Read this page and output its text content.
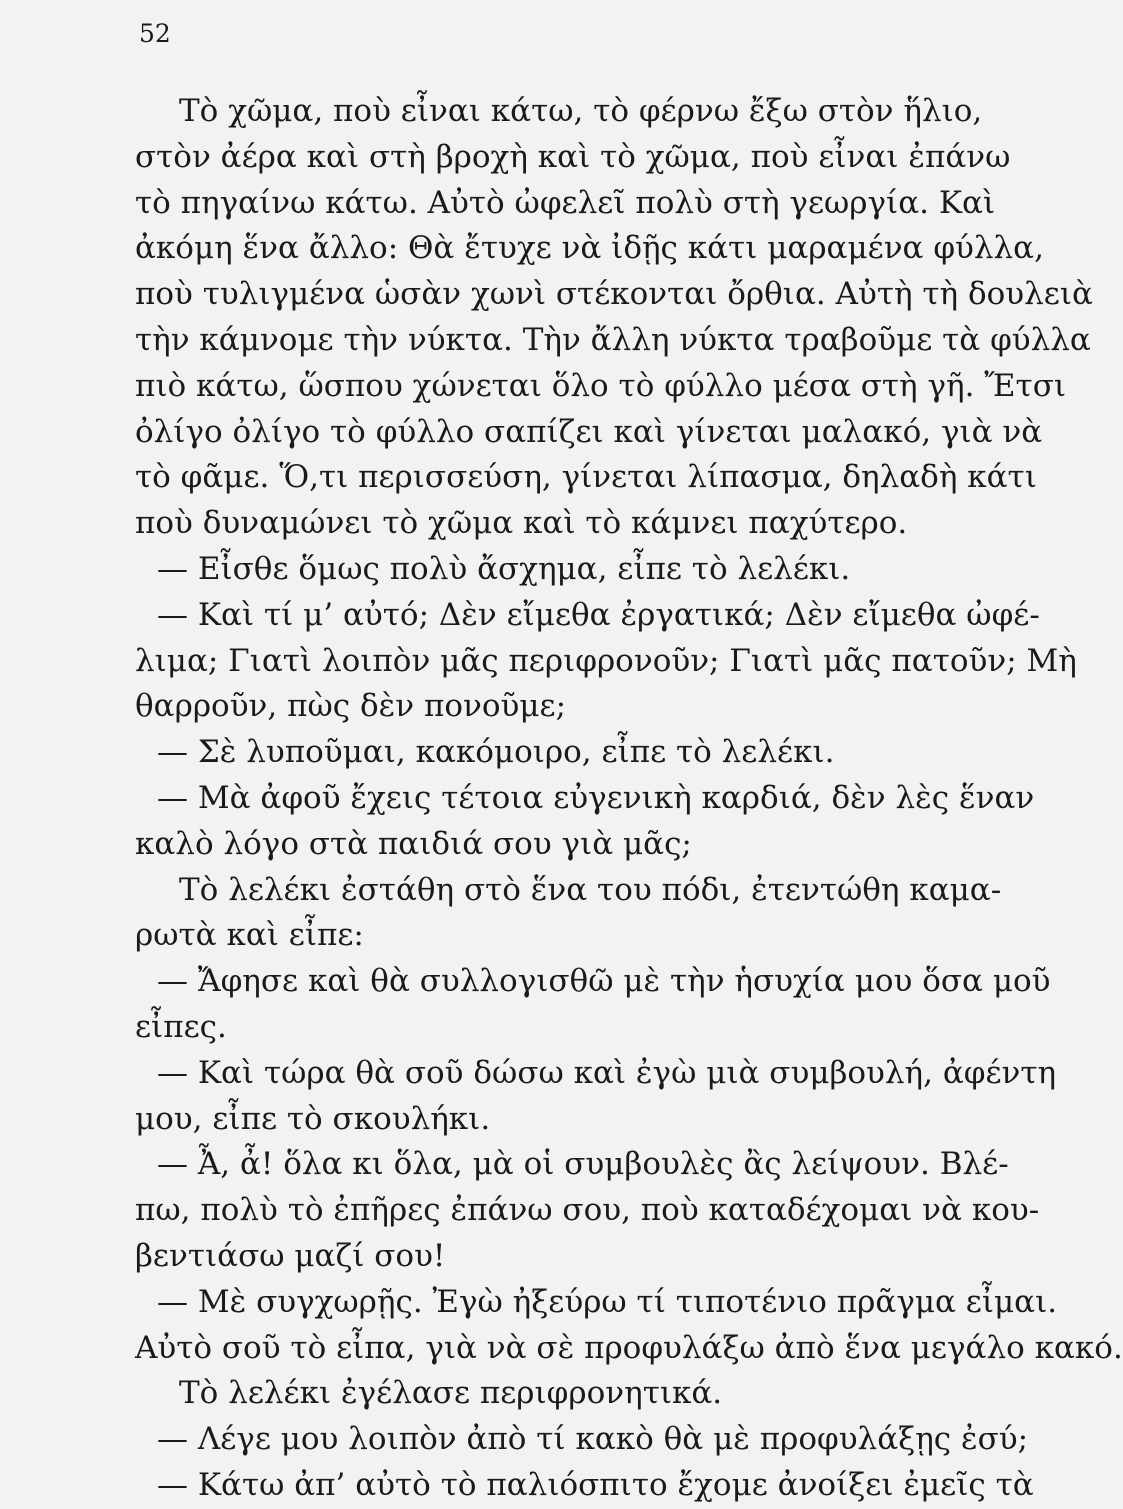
52
Τὸ χῶμα, ποὺ εἶναι κάτω, τὸ φέρνω ἔξω στὸν ἥλιο,
στὸν ἀέρα καὶ στὴ βροχὴ καὶ τὸ χῶμα, ποὺ εἶναι ἐπάνω
τὸ πηγαίνω κάτω. Αὐτὸ ὠφελεῖ πολὺ στὴ γεωργία. Καὶ
ἀκόμη ἕνα ἄλλο: Θὰ ἔτυχε νὰ ἰδῇς κάτι μαραμένα φύλλα,
ποὺ τυλιγμένα ὡσὰν χωνὶ στέκονται ὄρθια. Αὐτὴ τὴ δουλειὰ
τὴν κάμνομε τὴν νύκτα. Τὴν ἄλλη νύκτα τραβοῦμε τὰ φύλλα
πιὸ κάτω, ὥσπου χώνεται ὅλο τὸ φύλλο μέσα στὴ γῆ. Ἔτσι
ὀλίγο ὀλίγο τὸ φύλλο σαπίζει καὶ γίνεται μαλακό, γιὰ νὰ
τὸ φᾶμε. Ὅ,τι περισσεύση, γίνεται λίπασμα, δηλαδὴ κάτι
ποὺ δυναμώνει τὸ χῶμα καὶ τὸ κάμνει παχύτερο.
— Εἶσθε ὅμως πολὺ ἄσχημα, εἶπε τὸ λελέκι.
— Καὶ τί μ’ αὐτό; Δὲν εἴμεθα ἐργατικά; Δὲν εἴμεθα ὠφέ-
λιμα; Γιατὶ λοιπὸν μᾶς περιφρονοῦν; Γιατὶ μᾶς πατοῦν; Μὴ
θαρροῦν, πὼς δὲν πονοῦμε;
— Σὲ λυποῦμαι, κακόμοιρο, εἶπε τὸ λελέκι.
— Μὰ ἀφοῦ ἔχεις τέτοια εὐγενικὴ καρδιά, δὲν λὲς ἕναν
καλὸ λόγο στὰ παιδιά σου γιὰ μᾶς;
Τὸ λελέκι ἐστάθη στὸ ἕνα του πόδι, ἐτεντώθη καμα-
ρωτὰ καὶ εἶπε:
— Ἄφησε καὶ θὰ συλλογισθῶ μὲ τὴν ἡσυχία μου ὅσα μοῦ
εἶπες.
— Καὶ τώρα θὰ σοῦ δώσω καὶ ἐγὼ μιὰ συμβουλή, ἀφέντη
μου, εἶπε τὸ σκουλήκι.
— Ἆ, ἆ! ὅλα κι ὅλα, μὰ οἱ συμβουλὲς ἂς λείψουν. Βλέ-
πω, πολὺ τὸ ἐπῆρες ἐπάνω σου, ποὺ καταδέχομαι νὰ κου-
βεντιάσω μαζί σου!
— Μὲ συγχωρῇς. Ἐγὼ ἠξεύρω τί τιποτένιο πρᾶγμα εἶμαι.
Αὐτὸ σοῦ τὸ εἶπα, γιὰ νὰ σὲ προφυλάξω ἀπὸ ἕνα μεγάλο κακό.
Τὸ λελέκι ἐγέλασε περιφρονητικά.
— Λέγε μου λοιπὸν ἀπὸ τί κακὸ θὰ μὲ προφυλάξῃς ἐσύ;
— Κάτω ἀπ’ αὐτὸ τὸ παλιόσπιτο ἔχομε ἀνοίξει ἐμεῖς τὰ
